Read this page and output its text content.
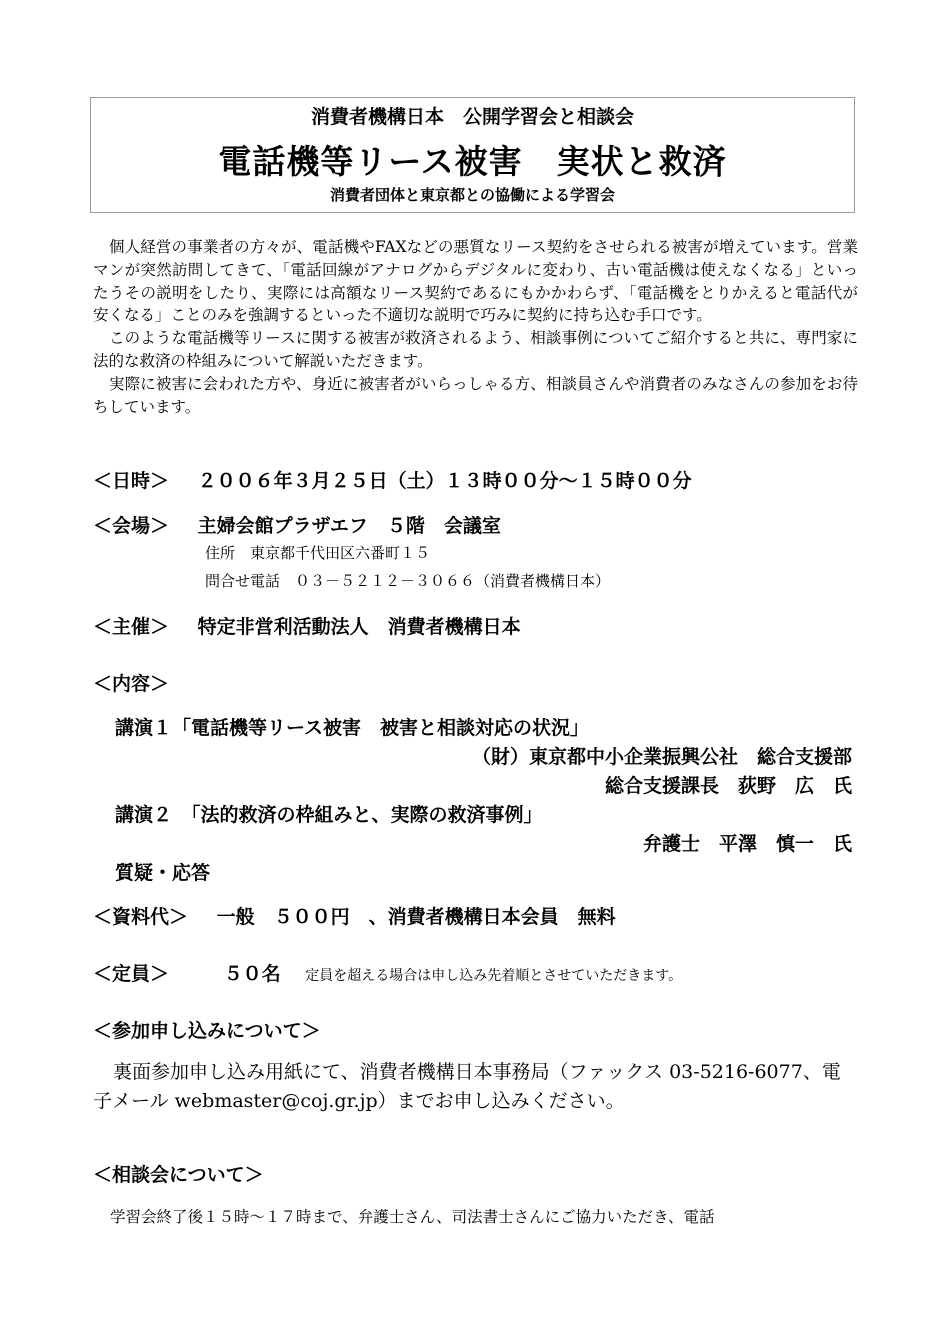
消費者機構日本　公開学習会と相談会
電話機等リース被害　実状と救済
消費者団体と東京都との協働による学習会

個人経営の事業者の方々が、電話機やFAXなどの悪質なリース契約をさせられる被害が増えています。営業マンが突然訪問してきて、「電話回線がアナログからデジタルに変わり、古い電話機は使えなくなる」といったうその説明をしたり、実際には高額なリース契約であるにもかかわらず、「電話機をとりかえると電話代が安くなる」ことのみを強調するといった不適切な説明で巧みに契約に持ち込む手口です。

このような電話機等リースに関する被害が救済されるよう、相談事例についてご紹介すると共に、専門家に法的な救済の枠組みについて解説いただきます。

実際に被害に会われた方や、身近に被害者がいらっしゃる方、相談員さんや消費者のみなさんの参加をお待ちしています。

＜日時＞ ２００６年３月２５日（土）１３時００分～１５時００分
＜会場＞ 主婦会館プラザエフ　５階　会議室
住所　東京都千代田区六番町１５
問合せ電話　０３－５２１２－３０６６（消費者機構日本）
＜主催＞ 特定非営利活動法人　消費者機構日本
＜内容＞
講演１「電話機等リース被害　被害と相談対応の状況」
（財）東京都中小企業振興公社　総合支援部
総合支援課長　荻野　広　氏
講演２　「法的救済の枠組みと、実際の救済事例」
弁護士　平澤　慎一　氏
質疑・応答
＜資料代＞ 一般　５００円　、消費者機構日本会員　無料
＜定員＞	５０名 定員を超える場合は申し込み先着順とさせていただきます。
＜参加申し込みについて＞

裏面参加申し込み用紙にて、消費者機構日本事務局（ファックス 03-5216-6077、電子メール webmaster@coj.gr.jp）までお申し込みください。

＜相談会について＞
学習会終了後１５時～１７時まで、弁護士さん、司法書士さんにご協力いただき、電話
